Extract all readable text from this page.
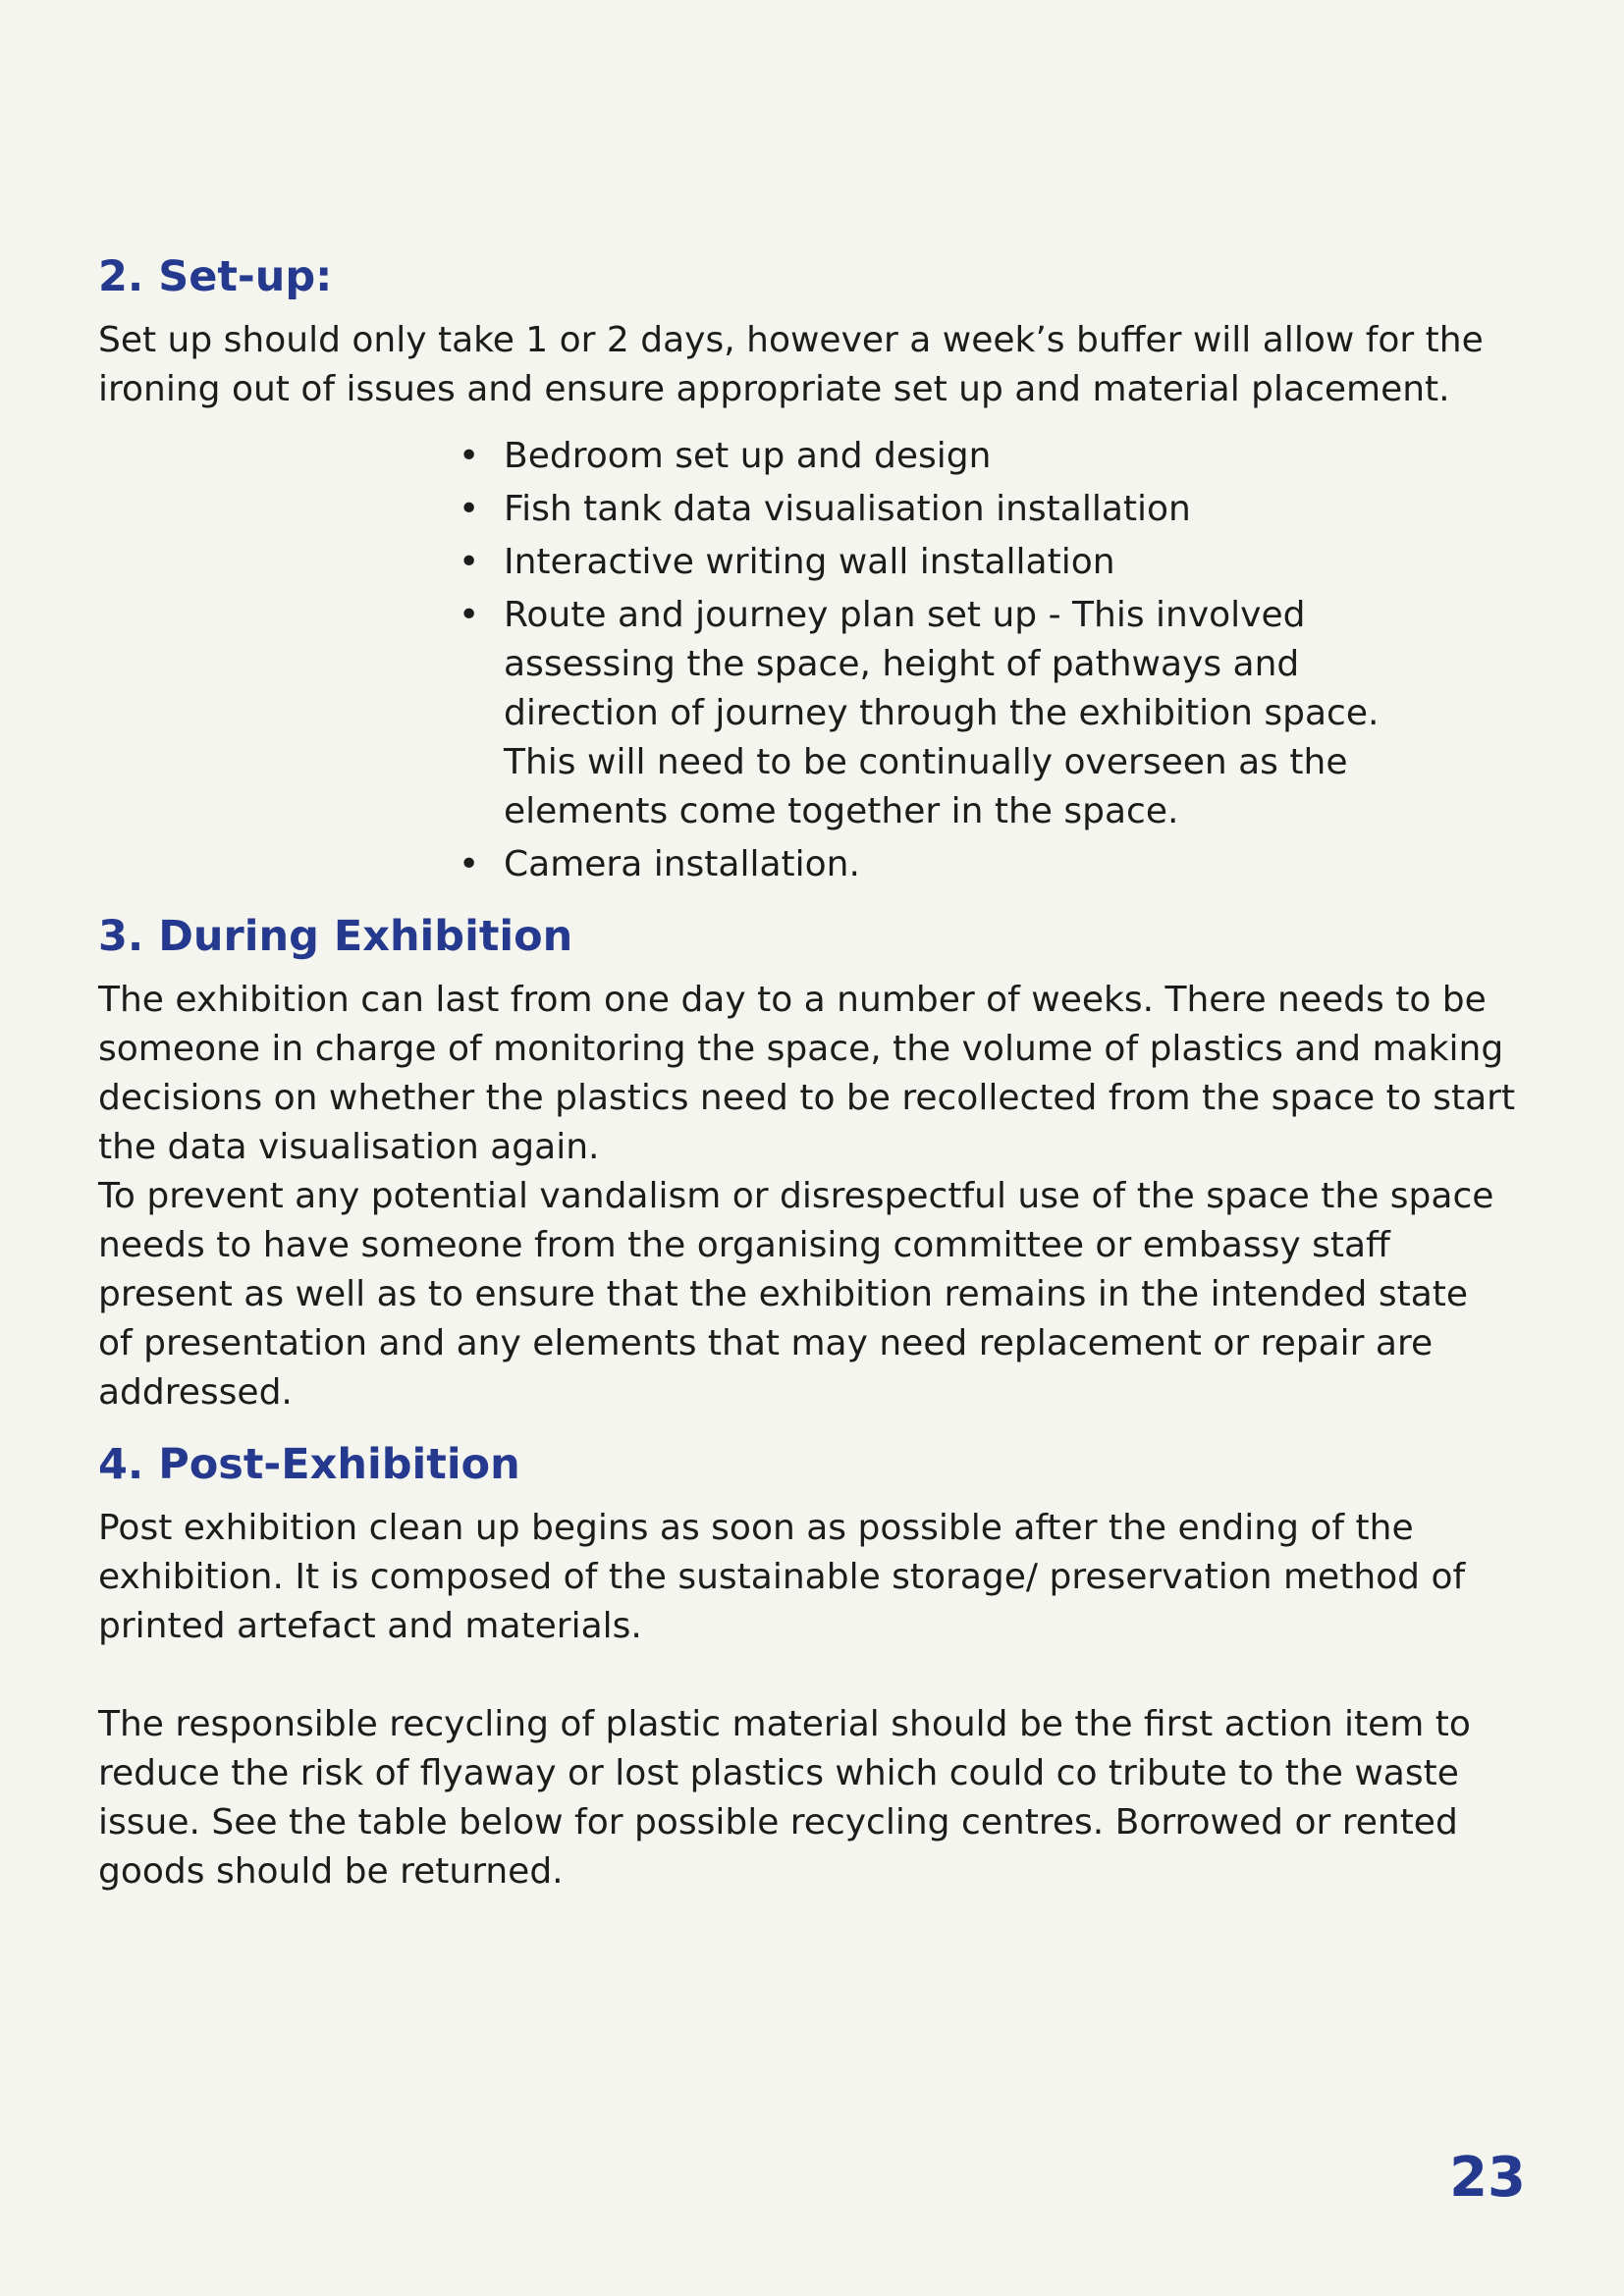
2. Set-up:

Set up should only take 1 or 2 days, however a week’s buffer will allow for the ironing out of issues and ensure appropriate set up and material placement.

• Bedroom set up and design
• Fish tank data visualisation installation
• Interactive writing wall installation
• Route and journey plan set up - This involved assessing the space, height of pathways and direction of journey through the exhibition space. This will need to be continually overseen as the elements come together in the space.
• Camera installation.
3. During Exhibition

The exhibition can last from one day to a number of weeks. There needs to be someone in charge of monitoring the space, the volume of plastics and making decisions on whether the plastics need to be recollected from the space to start the data visualisation again.

To prevent any potential vandalism or disrespectful use of the space the space needs to have someone from the organising committee or embassy staff present as well as to ensure that the exhibition remains in the intended state of presentation and any elements that may need replacement or repair are addressed.

4. Post-Exhibition

Post exhibition clean up begins as soon as possible after the ending of the exhibition. It is composed of the sustainable storage/ preservation method of printed artefact and materials.

The responsible recycling of plastic material should be the first action item to reduce the risk of flyaway or lost plastics which could co tribute to the waste issue. See the table below for possible recycling centres. Borrowed or rented goods should be returned.

23
